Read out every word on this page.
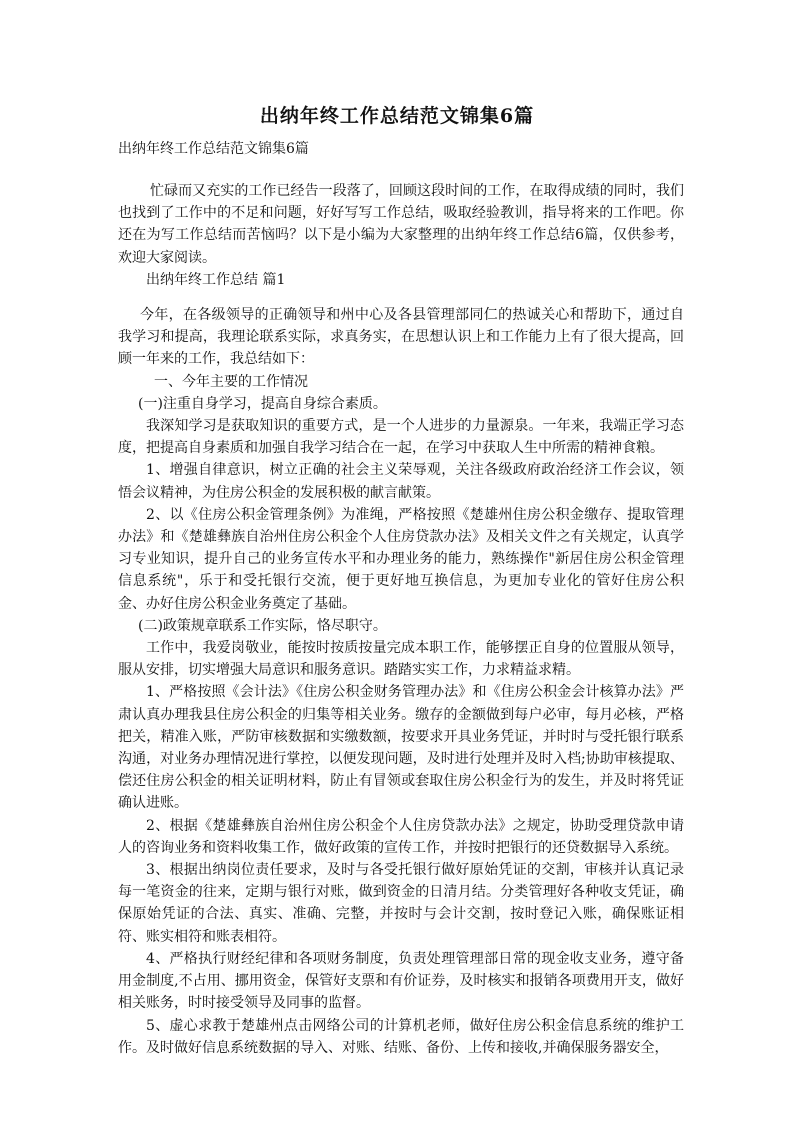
出纳年终工作总结范文锦集6篇
出纳年终工作总结范文锦集6篇

忙碌而又充实的工作已经告一段落了，回顾这段时间的工作，在取得成绩的同时，我们也找到了工作中的不足和问题，好好写写工作总结，吸取经验教训，指导将来的工作吧。你还在为写工作总结而苦恼吗？以下是小编为大家整理的出纳年终工作总结6篇，仅供参考，欢迎大家阅读。

出纳年终工作总结 篇1

今年，在各级领导的正确领导和州中心及各县管理部同仁的热诚关心和帮助下，通过自我学习和提高，我理论联系实际，求真务实，在思想认识上和工作能力上有了很大提高，回顾一年来的工作，我总结如下：

一、今年主要的工作情况

(一)注重自身学习，提高自身综合素质。

我深知学习是获取知识的重要方式，是一个人进步的力量源泉。一年来，我端正学习态度，把提高自身素质和加强自我学习结合在一起，在学习中获取人生中所需的精神食粮。

1、增强自律意识，树立正确的社会主义荣辱观，关注各级政府政治经济工作会议，领悟会议精神，为住房公积金的发展积极的献言献策。

2、以《住房公积金管理条例》为准绳，严格按照《楚雄州住房公积金缴存、提取管理办法》和《楚雄彝族自治州住房公积金个人住房贷款办法》及相关文件之有关规定，认真学习专业知识，提升自己的业务宣传水平和办理业务的能力，熟练操作"新居住房公积金管理信息系统"，乐于和受托银行交流，便于更好地互换信息，为更加专业化的管好住房公积金、办好住房公积金业务奠定了基础。

(二)政策规章联系工作实际，恪尽职守。

工作中，我爱岗敬业，能按时按质按量完成本职工作，能够摆正自身的位置服从领导，服从安排，切实增强大局意识和服务意识。踏踏实实工作，力求精益求精。

1、严格按照《会计法》《住房公积金财务管理办法》和《住房公积金会计核算办法》严肃认真办理我县住房公积金的归集等相关业务。缴存的金额做到每户必审，每月必核，严格把关，精准入账，严防审核数据和实缴数额，按要求开具业务凭证，并时时与受托银行联系沟通，对业务办理情况进行掌控，以便发现问题，及时进行处理并及时入档;协助审核提取、偿还住房公积金的相关证明材料，防止有冒领或套取住房公积金行为的发生，并及时将凭证确认进账。

2、根据《楚雄彝族自治州住房公积金个人住房贷款办法》之规定，协助受理贷款申请人的咨询业务和资料收集工作，做好政策的宣传工作，并按时把银行的还贷数据导入系统。

3、根据出纳岗位责任要求，及时与各受托银行做好原始凭证的交割，审核并认真记录每一笔资金的往来，定期与银行对账，做到资金的日清月结。分类管理好各种收支凭证，确保原始凭证的合法、真实、准确、完整，并按时与会计交割，按时登记入账，确保账证相符、账实相符和账表相符。

4、严格执行财经纪律和各项财务制度，负责处理管理部日常的现金收支业务，遵守备用金制度,不占用、挪用资金，保管好支票和有价证券，及时核实和报销各项费用开支，做好相关账务，时时接受领导及同事的监督。

5、虚心求教于楚雄州点击网络公司的计算机老师，做好住房公积金信息系统的维护工作。及时做好信息系统数据的导入、对账、结账、备份、上传和接收,并确保服务器安全，
